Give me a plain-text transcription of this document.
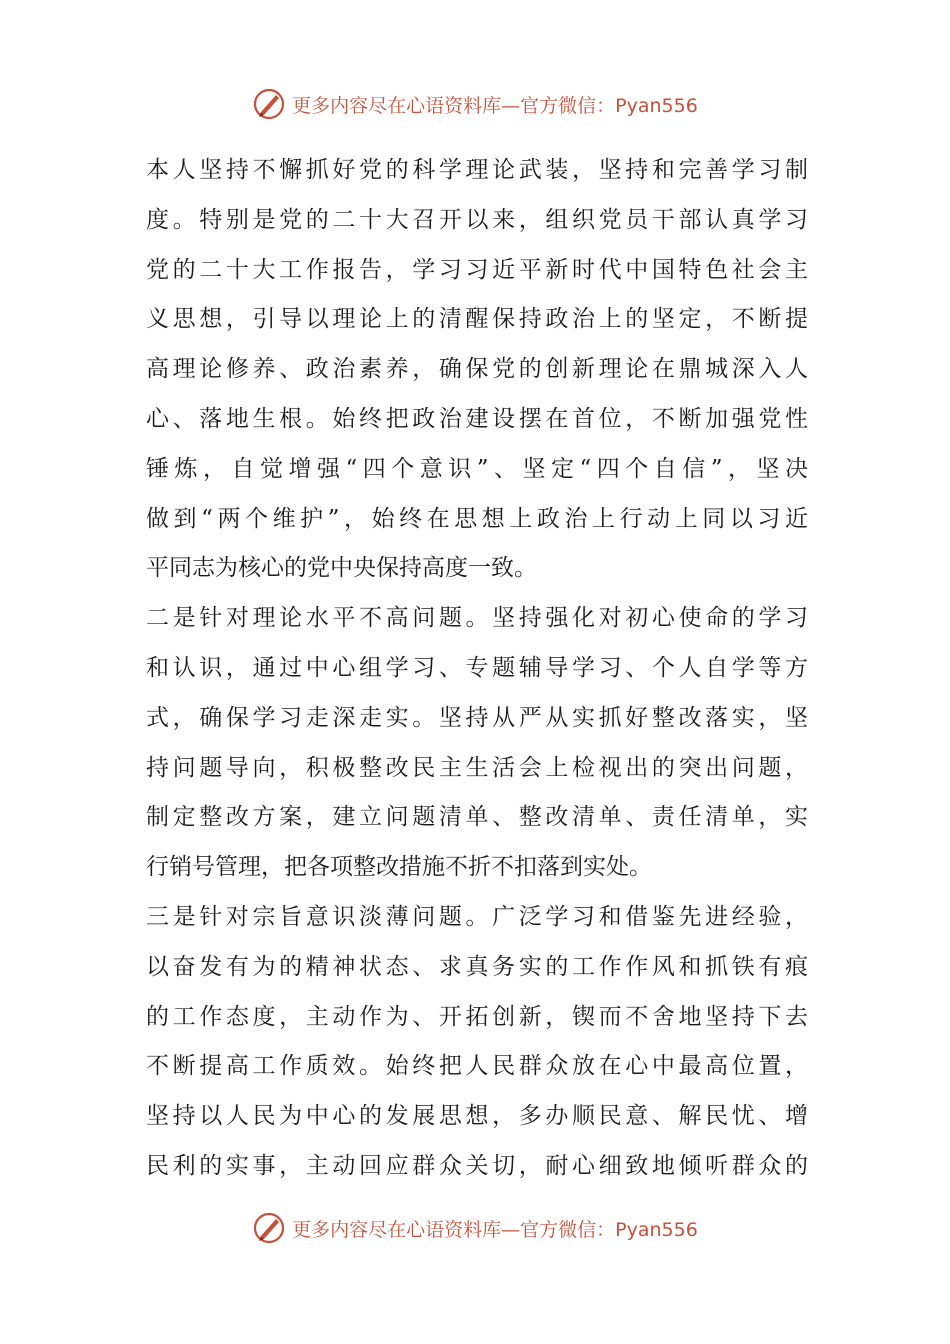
更多内容尽在心语资料库—官方微信：Pyan556
本人坚持不懈抓好党的科学理论武装，坚持和完善学习制
度。特别是党的二十大召开以来，组织党员干部认真学习
党的二十大工作报告，学习习近平新时代中国特色社会主
义思想，引导以理论上的清醒保持政治上的坚定，不断提
高理论修养、政治素养，确保党的创新理论在鼎城深入人
心、落地生根。始终把政治建设摆在首位，不断加强党性
锤炼，自觉增强“四个意识”、坚定“四个自信”，坚决
做到“两个维护”，始终在思想上政治上行动上同以习近
平同志为核心的党中央保持高度一致。
二是针对理论水平不高问题。坚持强化对初心使命的学习
和认识，通过中心组学习、专题辅导学习、个人自学等方
式，确保学习走深走实。坚持从严从实抓好整改落实，坚
持问题导向，积极整改民主生活会上检视出的突出问题，
制定整改方案，建立问题清单、整改清单、责任清单，实
行销号管理，把各项整改措施不折不扣落到实处。
三是针对宗旨意识淡薄问题。广泛学习和借鉴先进经验，
以奋发有为的精神状态、求真务实的工作作风和抓铁有痕
的工作态度，主动作为、开拓创新，锲而不舍地坚持下去
不断提高工作质效。始终把人民群众放在心中最高位置，
坚持以人民为中心的发展思想，多办顺民意、解民忧、增
民利的实事，主动回应群众关切，耐心细致地倾听群众的
更多内容尽在心语资料库—官方微信：Pyan556
